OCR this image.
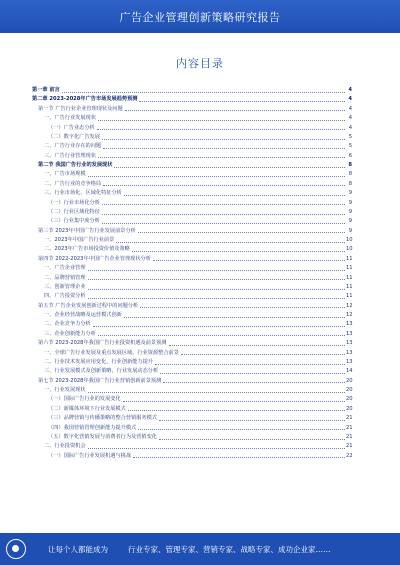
广告企业管理创新策略研究报告
内容目录
第一章 前言	4
第二章 2023-2028年广告市场发展趋势预测	4
第一节 广告行业企业管理现状及问题	4
一、广告行业发展现状	4
（一）广告业态分析	4
（二）数字化广告发展	5
二、广告行业存在的问题	5
三、广告行业管理现状	6
第二节 我国广告行业的发展现状	8
一、广告市场规模	8
二、广告行业的竞争格局	8
三、行业市场化、区域化特征分析	9
（一）行业市场化分析	9
（二）行业区域化特征	9
（三）行业集中度分析	9
第三节 2023年中国广告行业发展前景分析	9
一、2023年中国广告行业前景	10
二、2023年广告市场投资价值及策略	10
第四节 2022-2023年中国广告企业管理现状分析	11
一、广告企业管理	11
二、品牌营销管理	11
三、创新管理企业	11
四、广告投资分析	11
第五节 广告企业发展创新过程中的问题分析	12
一、企业经营战略及运营模式创新	12
二、企业竞争力分析	13
三、企业创新能力分析	13
第六节 2023-2028年我国广告行业投资机遇及前景预测	13
一、全球广告行业发展及重点发展区域，行业资源整合前景	13
二、行业技术发展应用变化，行业创新能力提升	13
三、行业发展模式及创新策略，行业发展动态分析	14
第七节 2023-2028年我国广告行业营销创新前景预测	20
一、行业发展现状	20
（一）国际广告行业的发展变化	20
（二）新媒体环境下行业发展模式	20
（三）品牌营销与传播策略的整合营销服务模式	21
（四）我国营销管理创新能力提升模式	21
（五）数字化营销发展与消费者行为及营销变化	21
二、行业投资机会	21
（一）国际广告行业发展机遇与挑战	22
让每个人都能成为	行业专家、管理专家、营销专家、战略专家、成功企业家……
